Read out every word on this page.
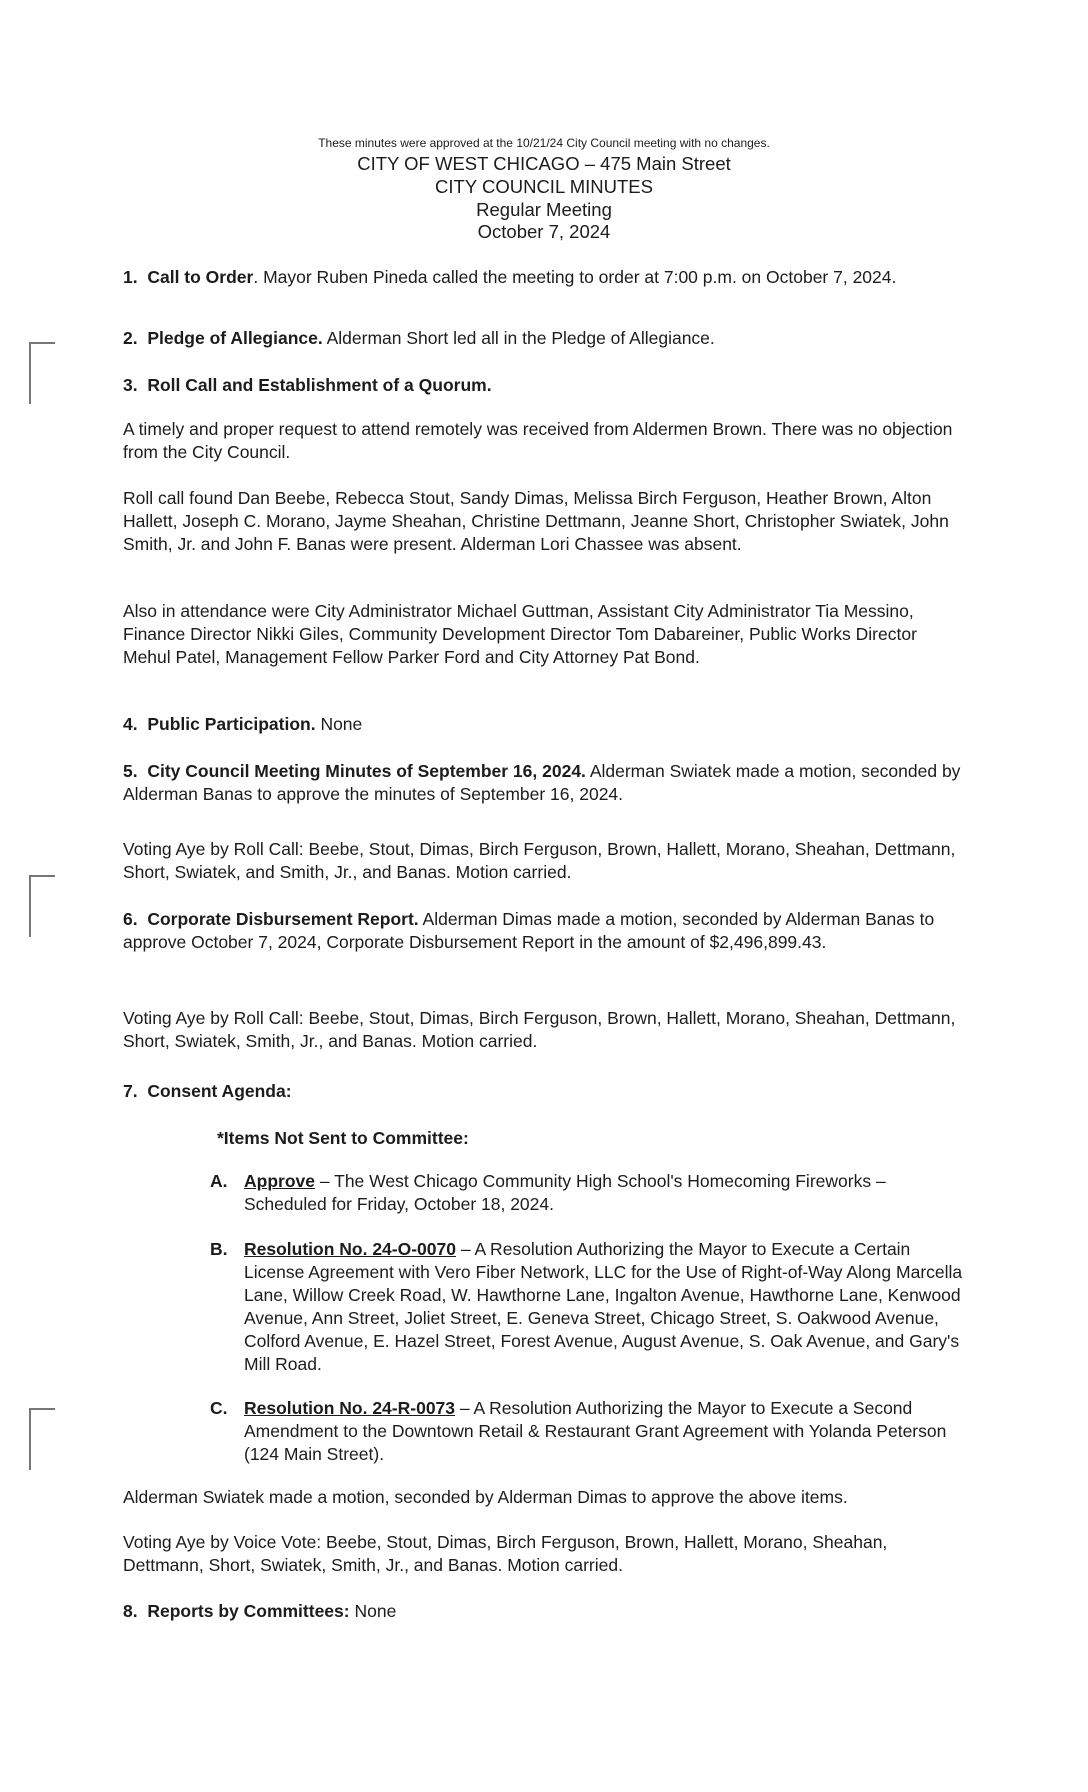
These minutes were approved at the 10/21/24 City Council meeting with no changes.
CITY OF WEST CHICAGO – 475 Main Street
CITY COUNCIL MINUTES
Regular Meeting
October 7, 2024
1. Call to Order. Mayor Ruben Pineda called the meeting to order at 7:00 p.m. on October 7, 2024.
2. Pledge of Allegiance. Alderman Short led all in the Pledge of Allegiance.
3. Roll Call and Establishment of a Quorum.
A timely and proper request to attend remotely was received from Aldermen Brown. There was no objection from the City Council.
Roll call found Dan Beebe, Rebecca Stout, Sandy Dimas, Melissa Birch Ferguson, Heather Brown, Alton Hallett, Joseph C. Morano, Jayme Sheahan, Christine Dettmann, Jeanne Short, Christopher Swiatek, John Smith, Jr. and John F. Banas were present. Alderman Lori Chassee was absent.
Also in attendance were City Administrator Michael Guttman, Assistant City Administrator Tia Messino, Finance Director Nikki Giles, Community Development Director Tom Dabareiner, Public Works Director Mehul Patel, Management Fellow Parker Ford and City Attorney Pat Bond.
4. Public Participation. None
5. City Council Meeting Minutes of September 16, 2024. Alderman Swiatek made a motion, seconded by Alderman Banas to approve the minutes of September 16, 2024.
Voting Aye by Roll Call: Beebe, Stout, Dimas, Birch Ferguson, Brown, Hallett, Morano, Sheahan, Dettmann, Short, Swiatek, and Smith, Jr., and Banas. Motion carried.
6. Corporate Disbursement Report. Alderman Dimas made a motion, seconded by Alderman Banas to approve October 7, 2024, Corporate Disbursement Report in the amount of $2,496,899.43.
Voting Aye by Roll Call: Beebe, Stout, Dimas, Birch Ferguson, Brown, Hallett, Morano, Sheahan, Dettmann, Short, Swiatek, Smith, Jr., and Banas. Motion carried.
7. Consent Agenda:
*Items Not Sent to Committee:
A. Approve – The West Chicago Community High School's Homecoming Fireworks – Scheduled for Friday, October 18, 2024.
B. Resolution No. 24-O-0070 – A Resolution Authorizing the Mayor to Execute a Certain License Agreement with Vero Fiber Network, LLC for the Use of Right-of-Way Along Marcella Lane, Willow Creek Road, W. Hawthorne Lane, Ingalton Avenue, Hawthorne Lane, Kenwood Avenue, Ann Street, Joliet Street, E. Geneva Street, Chicago Street, S. Oakwood Avenue, Colford Avenue, E. Hazel Street, Forest Avenue, August Avenue, S. Oak Avenue, and Gary's Mill Road.
C. Resolution No. 24-R-0073 – A Resolution Authorizing the Mayor to Execute a Second Amendment to the Downtown Retail & Restaurant Grant Agreement with Yolanda Peterson (124 Main Street).
Alderman Swiatek made a motion, seconded by Alderman Dimas to approve the above items.
Voting Aye by Voice Vote: Beebe, Stout, Dimas, Birch Ferguson, Brown, Hallett, Morano, Sheahan, Dettmann, Short, Swiatek, Smith, Jr., and Banas. Motion carried.
8. Reports by Committees: None
